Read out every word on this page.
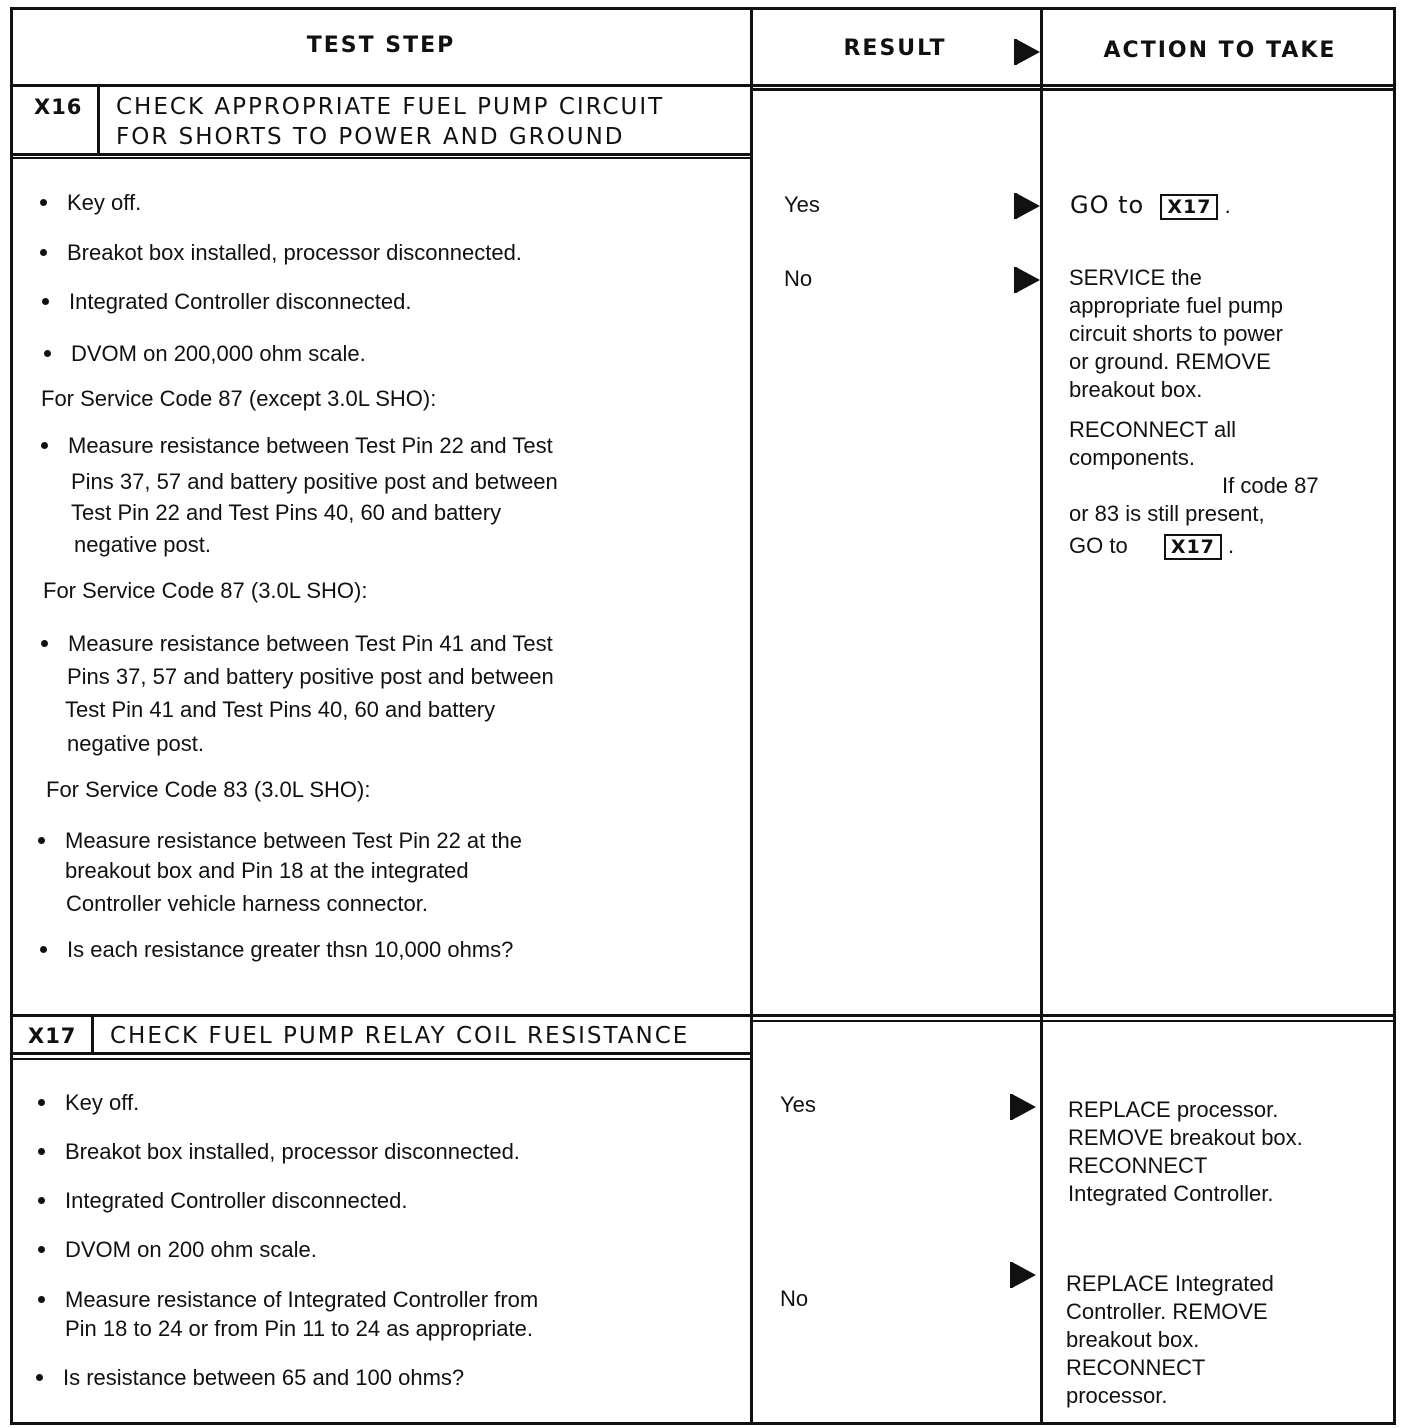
TEST STEP	RESULT	ACTION TO TAKE
X16 CHECK APPROPRIATE FUEL PUMP CIRCUIT
FOR SHORTS TO POWER AND GROUND
Key off.
Breakot box installed, processor disconnected.
Integrated Controller disconnected.
DVOM on 200,000 ohm scale.
For Service Code 87 (except 3.0L SHO):
Measure resistance between Test Pin 22 and Test
Pins 37, 57 and battery positive post and between
Test Pin 22 and Test Pins 40, 60 and battery
negative post.
For Service Code 87 (3.0L SHO):
Measure resistance between Test Pin 41 and Test
Pins 37, 57 and battery positive post and between
Test Pin 41 and Test Pins 40, 60 and battery
negative post.
For Service Code 83 (3.0L SHO):
Measure resistance between Test Pin 22 at the
breakout box and Pin 18 at the integrated
Controller vehicle harness connector.
Is each resistance greater thsn 10,000 ohms?
Yes
No
GO to X17 .
SERVICE the
appropriate fuel pump
circuit shorts to power
or ground. REMOVE
breakout box.
RECONNECT all
components.
If code 87
or 83 is still present,
GO to X17 .
X17 CHECK FUEL PUMP RELAY COIL RESISTANCE
Key off.
Breakot box installed, processor disconnected.
Integrated Controller disconnected.
DVOM on 200 ohm scale.
Measure resistance of Integrated Controller from
Pin 18 to 24 or from Pin 11 to 24 as appropriate.
Is resistance between 65 and 100 ohms?
Yes
No
REPLACE processor.
REMOVE breakout box.
RECONNECT
Integrated Controller.
REPLACE Integrated
Controller. REMOVE
breakout box.
RECONNECT
processor.
